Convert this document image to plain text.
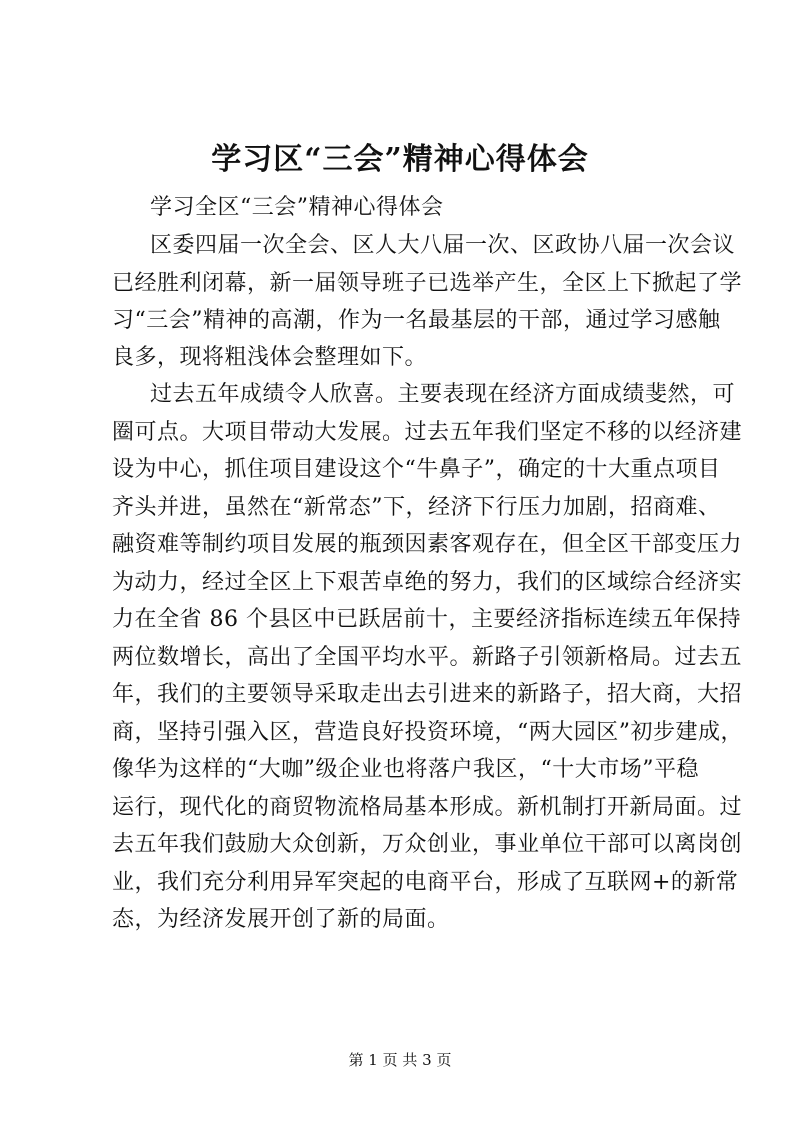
学习区“三会”精神心得体会
学习全区“三会”精神心得体会
区委四届一次全会、区人大八届一次、区政协八届一次会议
已经胜利闭幕，新一届领导班子已选举产生，全区上下掀起了学
习“三会”精神的高潮，作为一名最基层的干部，通过学习感触
良多，现将粗浅体会整理如下。
过去五年成绩令人欣喜。主要表现在经济方面成绩斐然，可
圈可点。大项目带动大发展。过去五年我们坚定不移的以经济建
设为中心，抓住项目建设这个“牛鼻子”，确定的十大重点项目
齐头并进，虽然在“新常态”下，经济下行压力加剧，招商难、
融资难等制约项目发展的瓶颈因素客观存在，但全区干部变压力
为动力，经过全区上下艰苦卓绝的努力，我们的区域综合经济实
力在全省 86 个县区中已跃居前十，主要经济指标连续五年保持
两位数增长，高出了全国平均水平。新路子引领新格局。过去五
年，我们的主要领导采取走出去引进来的新路子，招大商，大招
商，坚持引强入区，营造良好投资环境，“两大园区”初步建成，
像华为这样的“大咖”级企业也将落户我区，“十大市场”平稳
运行，现代化的商贸物流格局基本形成。新机制打开新局面。过
去五年我们鼓励大众创新，万众创业，事业单位干部可以离岗创
业，我们充分利用异军突起的电商平台，形成了互联网+的新常
态，为经济发展开创了新的局面。
第 1 页 共 3 页
